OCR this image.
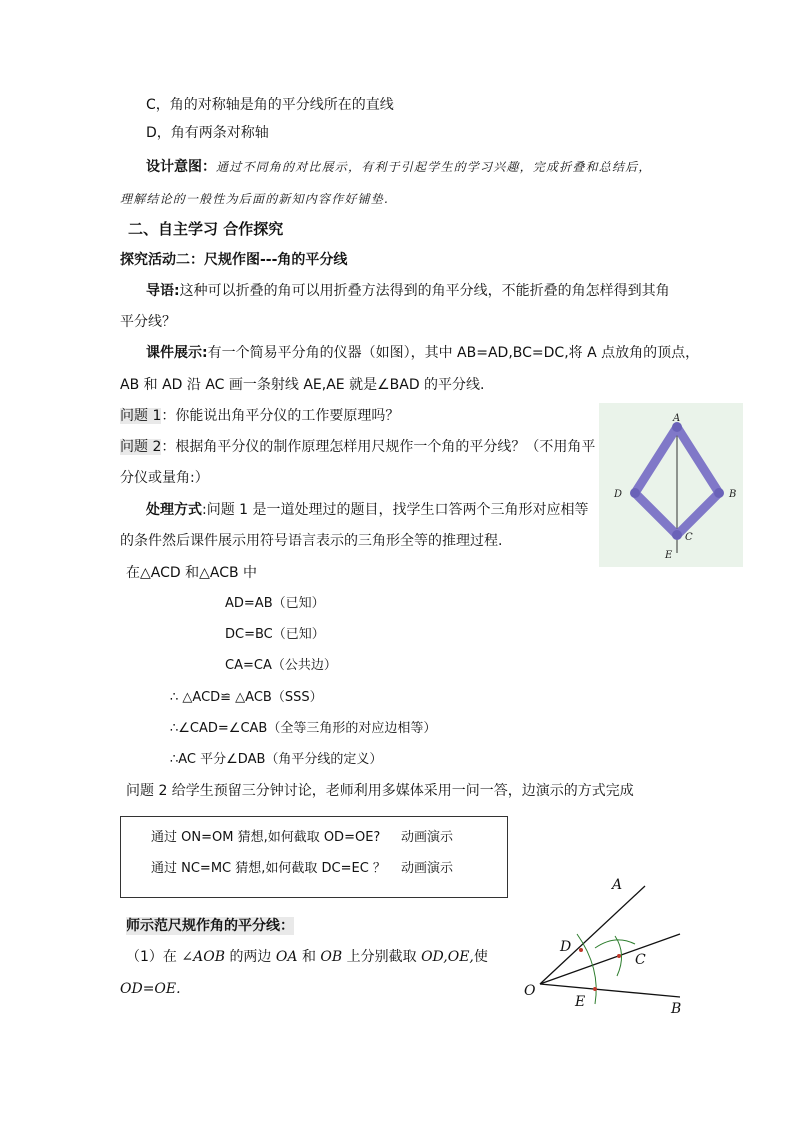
C，角的对称轴是角的平分线所在的直线
D，角有两条对称轴
设计意图：通过不同角的对比展示，有利于引起学生的学习兴趣，完成折叠和总结后，
理解结论的一般性为后面的新知内容作好铺垫.
二、自主学习 合作探究
探究活动二：尺规作图---角的平分线
导语:这种可以折叠的角可以用折叠方法得到的角平分线，不能折叠的角怎样得到其角
平分线？
课件展示:有一个简易平分角的仪器（如图），其中 AB=AD,BC=DC,将 A 点放角的顶点，
AB 和 AD 沿 AC 画一条射线 AE,AE 就是∠BAD 的平分线.
问题 1：你能说出角平分仪的工作要原理吗？
问题 2：根据角平分仪的制作原理怎样用尺规作一个角的平分线？（不用角平
分仪或量角:）
处理方式:问题 1 是一道处理过的题目，找学生口答两个三角形对应相等
的条件然后课件展示用符号语言表示的三角形全等的推理过程.
在△ACD 和△ACB 中
AD=AB（已知）
DC=BC（已知）
CA=CA（公共边）
∴ △ACD≌ △ACB（SSS）
∴∠CAD=∠CAB（全等三角形的对应边相等）
∴AC 平分∠DAB（角平分线的定义）
问题 2 给学生预留三分钟讨论，老师利用多媒体采用一问一答，边演示的方式完成
通过 ON=OM 猜想,如何截取 OD=OE? 动画演示
通过 NC=MC 猜想,如何截取 DC=EC ？ 动画演示
师示范尺规作角的平分线：
（1）在 ∠AOB 的两边 OA 和 OB 上分别截取 OD,OE,使
OD=OE.
A
B
C
D
E
A
B
C
D
E
O
